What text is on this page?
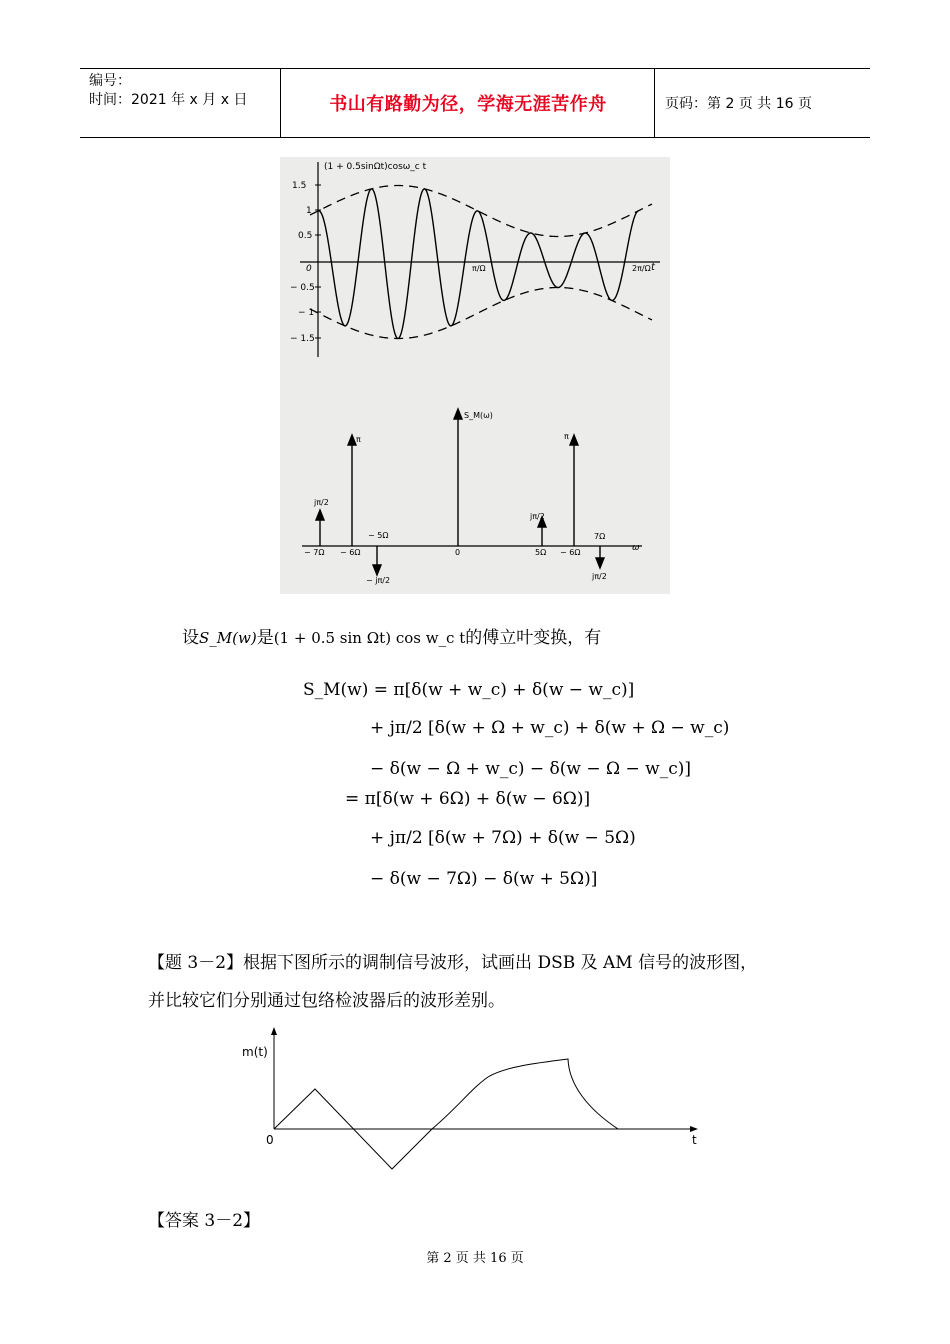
编号：
时间：2021 年 x 月 x 日	书山有路勤为径，学海无涯苦作舟	页码：第 2 页 共 16 页
1.5
1
0.5
0
− 0.5
− 1
− 1.5
(1 + 0.5sinΩt)cosω_c t
t
π/Ω	2π/Ω
ω
S_M(ω)
π	π
jπ/2
jπ/2
− jπ/2	jπ/2
− 7Ω − 6Ω
− 5Ω
0	5Ω − 6Ω
7Ω
设S_M(w)是(1 + 0.5 sin Ωt) cos w_c t的傅立叶变换，有
S_M(w) = π[δ(w + w_c) + δ(w − w_c)]
+ jπ/2 [δ(w + Ω + w_c) + δ(w + Ω − w_c)
− δ(w − Ω + w_c) − δ(w − Ω − w_c)]
= π[δ(w + 6Ω) + δ(w − 6Ω)]
+ jπ/2 [δ(w + 7Ω) + δ(w − 5Ω)
− δ(w − 7Ω) − δ(w + 5Ω)]
【题 3－2】根据下图所示的调制信号波形，试画出 DSB 及 AM 信号的波形图，
并比较它们分别通过包络检波器后的波形差别。
m(t)
0	t
【答案 3－2】
第 2 页 共 16 页
